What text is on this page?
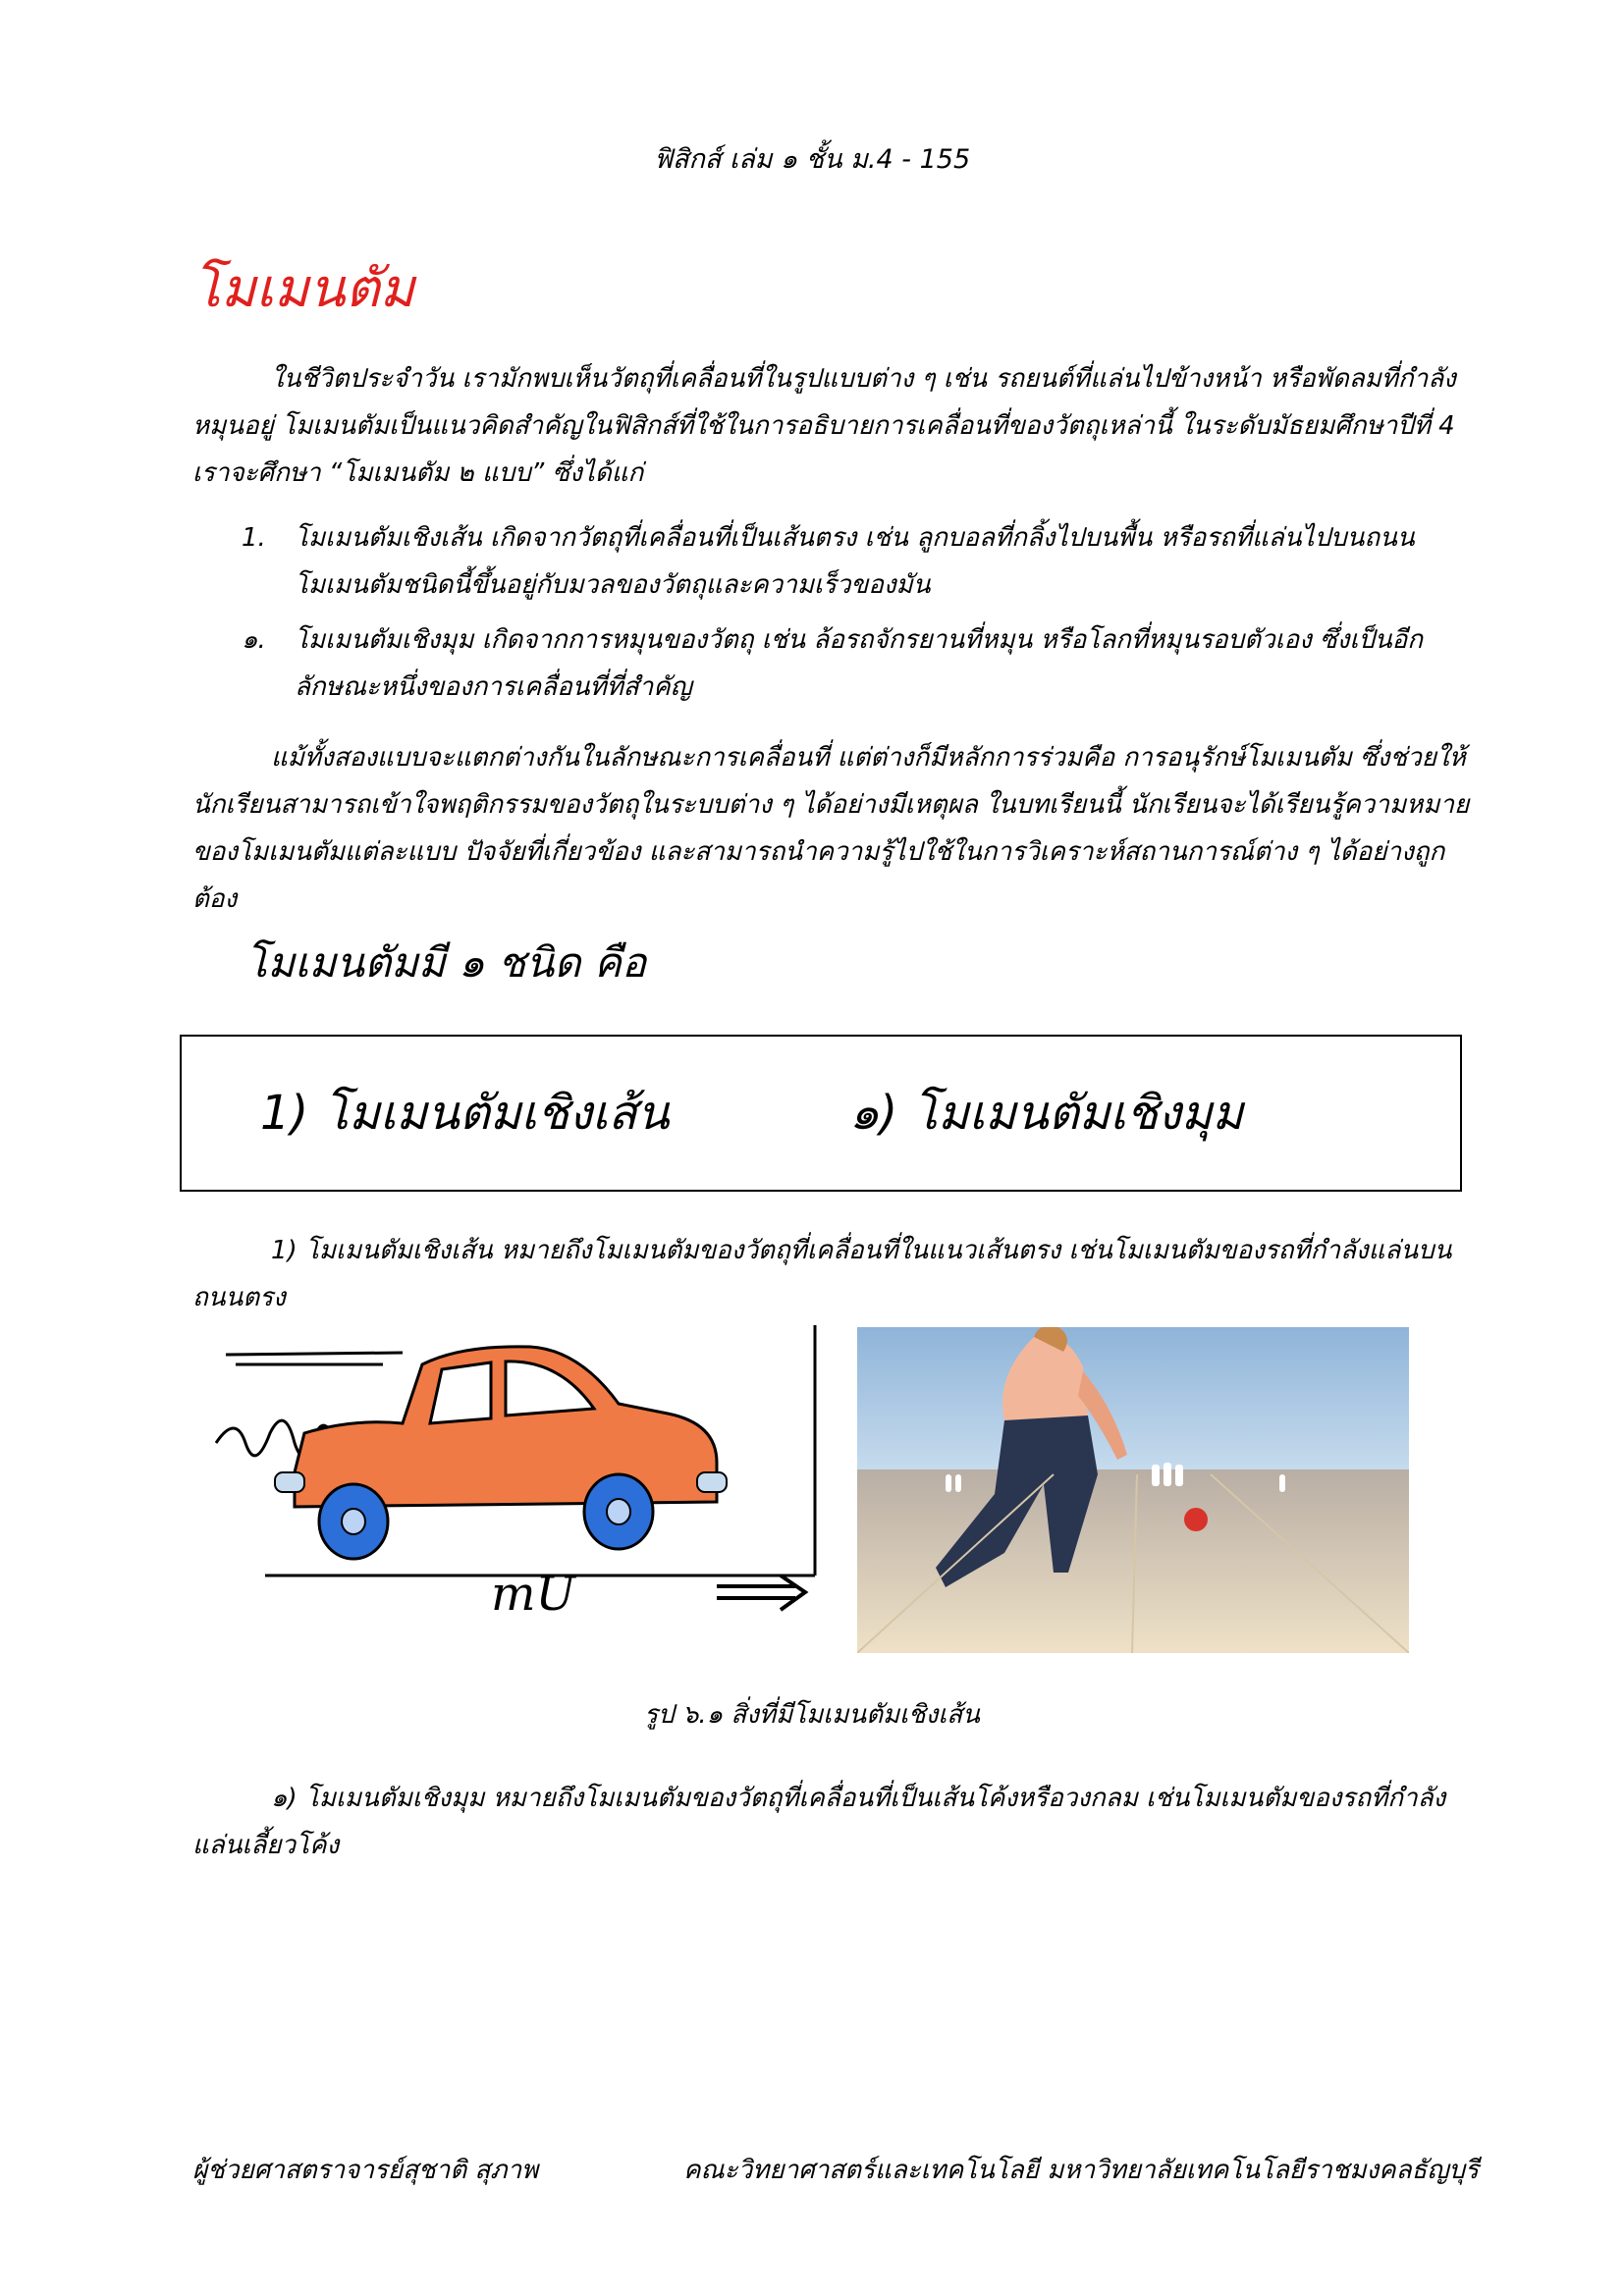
ฟิสิกส์ เล่ม ๑ ชั้น ม.4 - 155
โมเมนตัม
ในชีวิตประจำวัน เรามักพบเห็นวัตถุที่เคลื่อนที่ในรูปแบบต่าง ๆ เช่น รถยนต์ที่แล่นไปข้างหน้า หรือพัดลมที่กำลังหมุนอยู่ โมเมนตัมเป็นแนวคิดสำคัญในฟิสิกส์ที่ใช้ในการอธิบายการเคลื่อนที่ของวัตถุเหล่านี้ ในระดับมัธยมศึกษาปีที่ 4 เราจะศึกษา “โมเมนตัม ๒ แบบ” ซึ่งได้แก่
1. โมเมนตัมเชิงเส้น เกิดจากวัตถุที่เคลื่อนที่เป็นเส้นตรง เช่น ลูกบอลที่กลิ้งไปบนพื้น หรือรถที่แล่นไปบนถนน โมเมนตัมชนิดนี้ขึ้นอยู่กับมวลของวัตถุและความเร็วของมัน
๑. โมเมนตัมเชิงมุม เกิดจากการหมุนของวัตถุ เช่น ล้อรถจักรยานที่หมุน หรือโลกที่หมุนรอบตัวเอง ซึ่งเป็นอีกลักษณะหนึ่งของการเคลื่อนที่ที่สำคัญ
แม้ทั้งสองแบบจะแตกต่างกันในลักษณะการเคลื่อนที่ แต่ต่างก็มีหลักการร่วมคือ การอนุรักษ์โมเมนตัม ซึ่งช่วยให้นักเรียนสามารถเข้าใจพฤติกรรมของวัตถุในระบบต่าง ๆ ได้อย่างมีเหตุผล ในบทเรียนนี้ นักเรียนจะได้เรียนรู้ความหมายของโมเมนตัมแต่ละแบบ ปัจจัยที่เกี่ยวข้อง และสามารถนำความรู้ไปใช้ในการวิเคราะห์สถานการณ์ต่าง ๆ ได้อย่างถูกต้อง
โมเมนตัมมี ๑ ชนิด คือ
1) โมเมนตัมเชิงเส้น	๑) โมเมนตัมเชิงมุม
1) โมเมนตัมเชิงเส้น หมายถึงโมเมนตัมของวัตถุที่เคลื่อนที่ในแนวเส้นตรง เช่นโมเมนตัมของรถที่กำลังแล่นบนถนนตรง
mU
รูป ๖.๑ สิ่งที่มีโมเมนตัมเชิงเส้น
๑) โมเมนตัมเชิงมุม หมายถึงโมเมนตัมของวัตถุที่เคลื่อนที่เป็นเส้นโค้งหรือวงกลม เช่นโมเมนตัมของรถที่กำลังแล่นเลี้ยวโค้ง
ผู้ช่วยศาสตราจารย์สุชาติ สุภาพ	คณะวิทยาศาสตร์และเทคโนโลยี มหาวิทยาลัยเทคโนโลยีราชมงคลธัญบุรี
